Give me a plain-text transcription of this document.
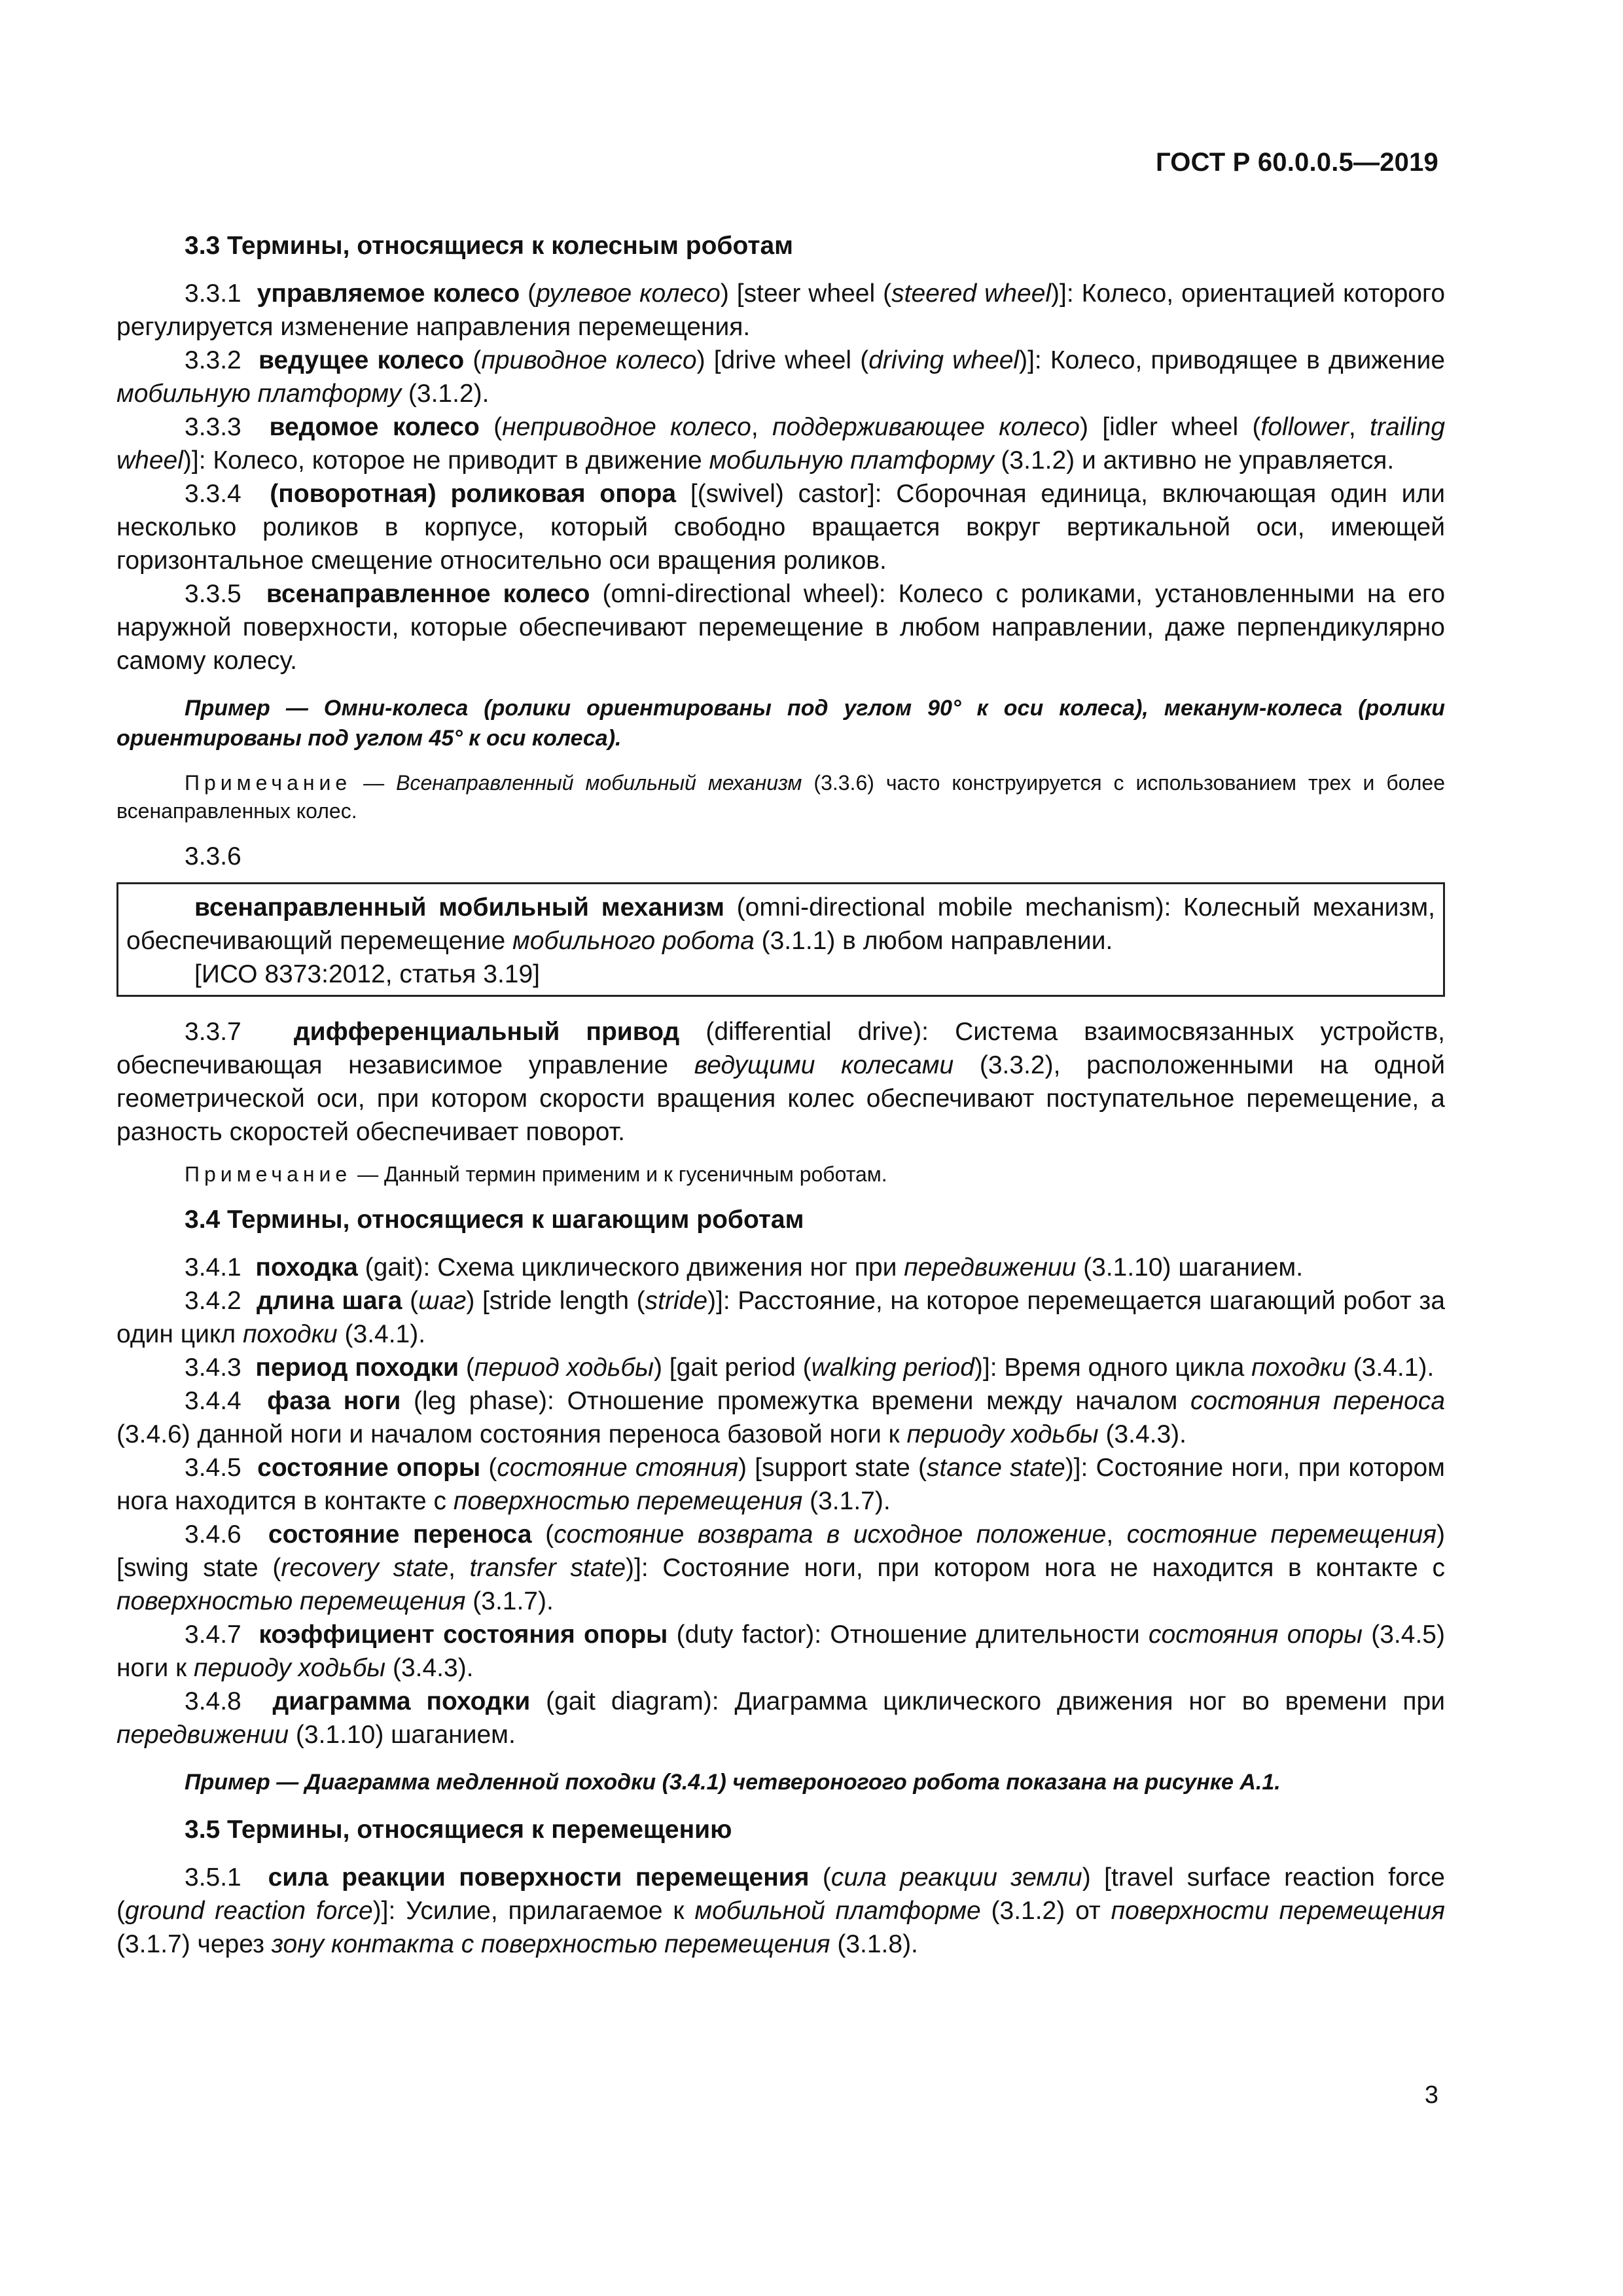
ГОСТ Р 60.0.0.5—2019
3.3 Термины, относящиеся к колесным роботам

3.3.1 управляемое колесо (рулевое колесо) [steer wheel (steered wheel)]: Колесо, ориентацией которого регулируется изменение направления перемещения.

3.3.2 ведущее колесо (приводное колесо) [drive wheel (driving wheel)]: Колесо, приводящее в движение мобильную платформу (3.1.2).

3.3.3 ведомое колесо (неприводное колесо, поддерживающее колесо) [idler wheel (follower, trailing wheel)]: Колесо, которое не приводит в движение мобильную платформу (3.1.2) и активно не управляется.

3.3.4 (поворотная) роликовая опора [(swivel) castor]: Сборочная единица, включающая один или несколько роликов в корпусе, который свободно вращается вокруг вертикальной оси, имеющей горизонтальное смещение относительно оси вращения роликов.

3.3.5 всенаправленное колесо (omni-directional wheel): Колесо с роликами, установленными на его наружной поверхности, которые обеспечивают перемещение в любом направлении, даже перпендикулярно самому колесу.

Пример — Омни-колеса (ролики ориентированы под углом 90° к оси колеса), меканум-колеса (ролики ориентированы под углом 45° к оси колеса).

Примечание — Всенаправленный мобильный механизм (3.3.6) часто конструируется с использованием трех и более всенаправленных колес.

3.3.6

всенаправленный мобильный механизм (omni-directional mobile mechanism): Колесный механизм, обеспечивающий перемещение мобильного робота (3.1.1) в любом направлении.

[ИСО 8373:2012, статья 3.19]

3.3.7 дифференциальный привод (differential drive): Система взаимосвязанных устройств, обеспечивающая независимое управление ведущими колесами (3.3.2), расположенными на одной геометрической оси, при котором скорости вращения колес обеспечивают поступательное перемещение, а разность скоростей обеспечивает поворот.

Примечание — Данный термин применим и к гусеничным роботам.

3.4 Термины, относящиеся к шагающим роботам

3.4.1 походка (gait): Схема циклического движения ног при передвижении (3.1.10) шаганием.

3.4.2 длина шага (шаг) [stride length (stride)]: Расстояние, на которое перемещается шагающий робот за один цикл походки (3.4.1).

3.4.3 период походки (период ходьбы) [gait period (walking period)]: Время одного цикла походки (3.4.1).

3.4.4 фаза ноги (leg phase): Отношение промежутка времени между началом состояния переноса (3.4.6) данной ноги и началом состояния переноса базовой ноги к периоду ходьбы (3.4.3).

3.4.5 состояние опоры (состояние стояния) [support state (stance state)]: Состояние ноги, при котором нога находится в контакте с поверхностью перемещения (3.1.7).

3.4.6 состояние переноса (состояние возврата в исходное положение, состояние перемещения) [swing state (recovery state, transfer state)]: Состояние ноги, при котором нога не находится в контакте с поверхностью перемещения (3.1.7).

3.4.7 коэффициент состояния опоры (duty factor): Отношение длительности состояния опоры (3.4.5) ноги к периоду ходьбы (3.4.3).

3.4.8 диаграмма походки (gait diagram): Диаграмма циклического движения ног во времени при передвижении (3.1.10) шаганием.

Пример — Диаграмма медленной походки (3.4.1) четвероногого робота показана на рисунке А.1.

3.5 Термины, относящиеся к перемещению

3.5.1 сила реакции поверхности перемещения (сила реакции земли) [travel surface reaction force (ground reaction force)]: Усилие, прилагаемое к мобильной платформе (3.1.2) от поверхности перемещения (3.1.7) через зону контакта с поверхностью перемещения (3.1.8).

3
